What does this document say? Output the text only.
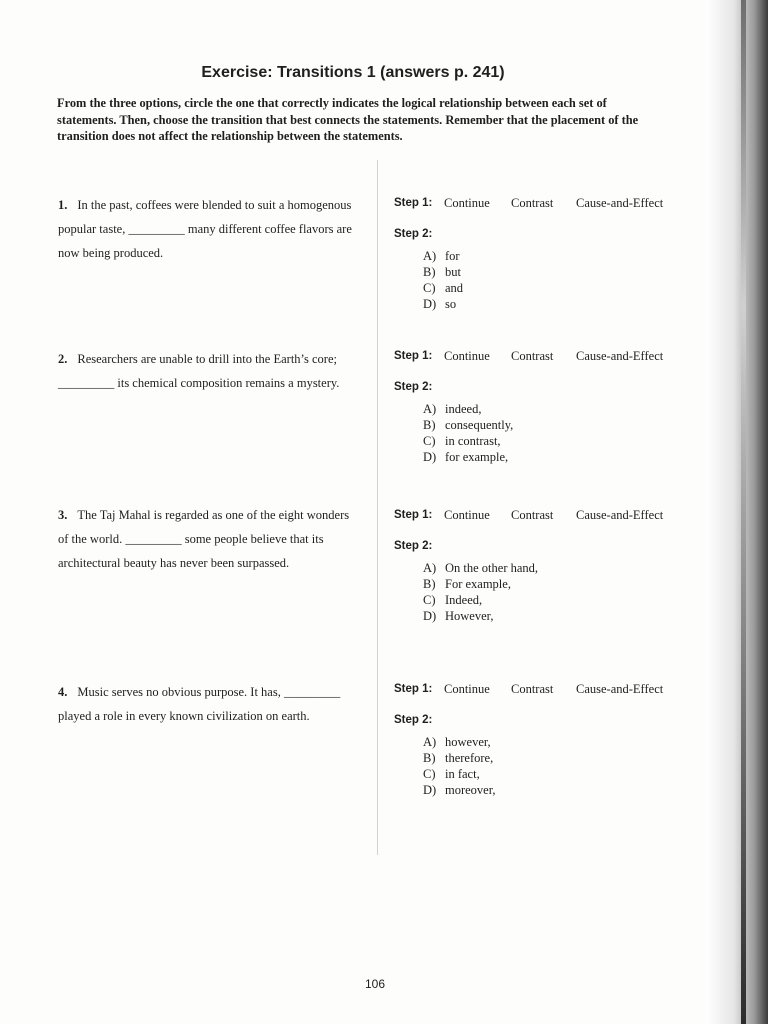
Exercise: Transitions 1 (answers p. 241)
From the three options, circle the one that correctly indicates the logical relationship between each set of statements. Then, choose the transition that best connects the statements. Remember that the placement of the transition does not affect the relationship between the statements.
1. In the past, coffees were blended to suit a homogenous popular taste, _________ many different coffee flavors are now being produced.
Step 1: Continue Contrast Cause-and-Effect
Step 2:
A) for
B) but
C) and
D) so
2. Researchers are unable to drill into the Earth’s core; _________ its chemical composition remains a mystery.
Step 1: Continue Contrast Cause-and-Effect
Step 2:
A) indeed,
B) consequently,
C) in contrast,
D) for example,
3. The Taj Mahal is regarded as one of the eight wonders of the world. _________ some people believe that its architectural beauty has never been surpassed.
Step 1: Continue Contrast Cause-and-Effect
Step 2:
A) On the other hand,
B) For example,
C) Indeed,
D) However,
4. Music serves no obvious purpose. It has, _________ played a role in every known civilization on earth.
Step 1: Continue Contrast Cause-and-Effect
Step 2:
A) however,
B) therefore,
C) in fact,
D) moreover,
106
